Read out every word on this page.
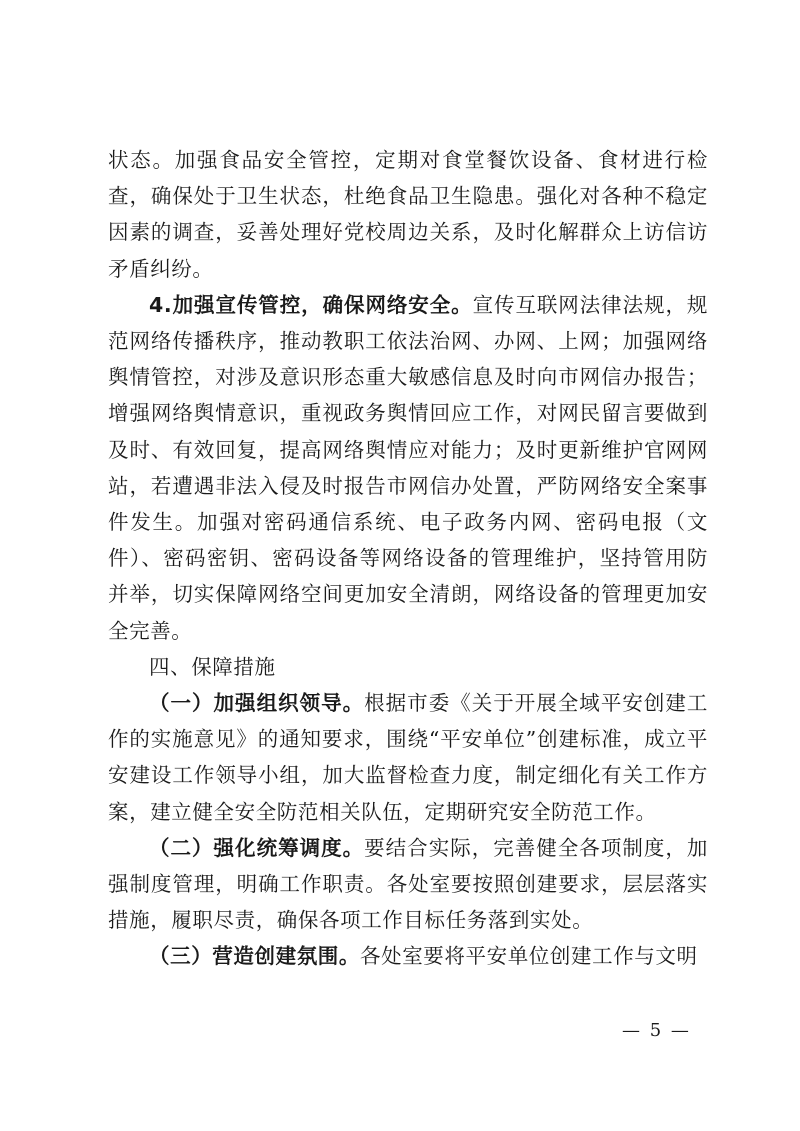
状态。加强食品安全管控，定期对食堂餐饮设备、食材进行检查，确保处于卫生状态，杜绝食品卫生隐患。强化对各种不稳定因素的调查，妥善处理好党校周边关系，及时化解群众上访信访矛盾纠纷。

4.加强宣传管控，确保网络安全。宣传互联网法律法规，规范网络传播秩序，推动教职工依法治网、办网、上网；加强网络舆情管控，对涉及意识形态重大敏感信息及时向市网信办报告；增强网络舆情意识，重视政务舆情回应工作，对网民留言要做到及时、有效回复，提高网络舆情应对能力；及时更新维护官网网站，若遭遇非法入侵及时报告市网信办处置，严防网络安全案事件发生。加强对密码通信系统、电子政务内网、密码电报（文件）、密码密钥、密码设备等网络设备的管理维护，坚持管用防并举，切实保障网络空间更加安全清朗，网络设备的管理更加安全完善。

四、保障措施

（一）加强组织领导。根据市委《关于开展全域平安创建工作的实施意见》的通知要求，围绕“平安单位”创建标准，成立平安建设工作领导小组，加大监督检查力度，制定细化有关工作方案，建立健全安全防范相关队伍，定期研究安全防范工作。

（二）强化统筹调度。要结合实际，完善健全各项制度，加强制度管理，明确工作职责。各处室要按照创建要求，层层落实措施，履职尽责，确保各项工作目标任务落到实处。

（三）营造创建氛围。各处室要将平安单位创建工作与文明

— 5 —
